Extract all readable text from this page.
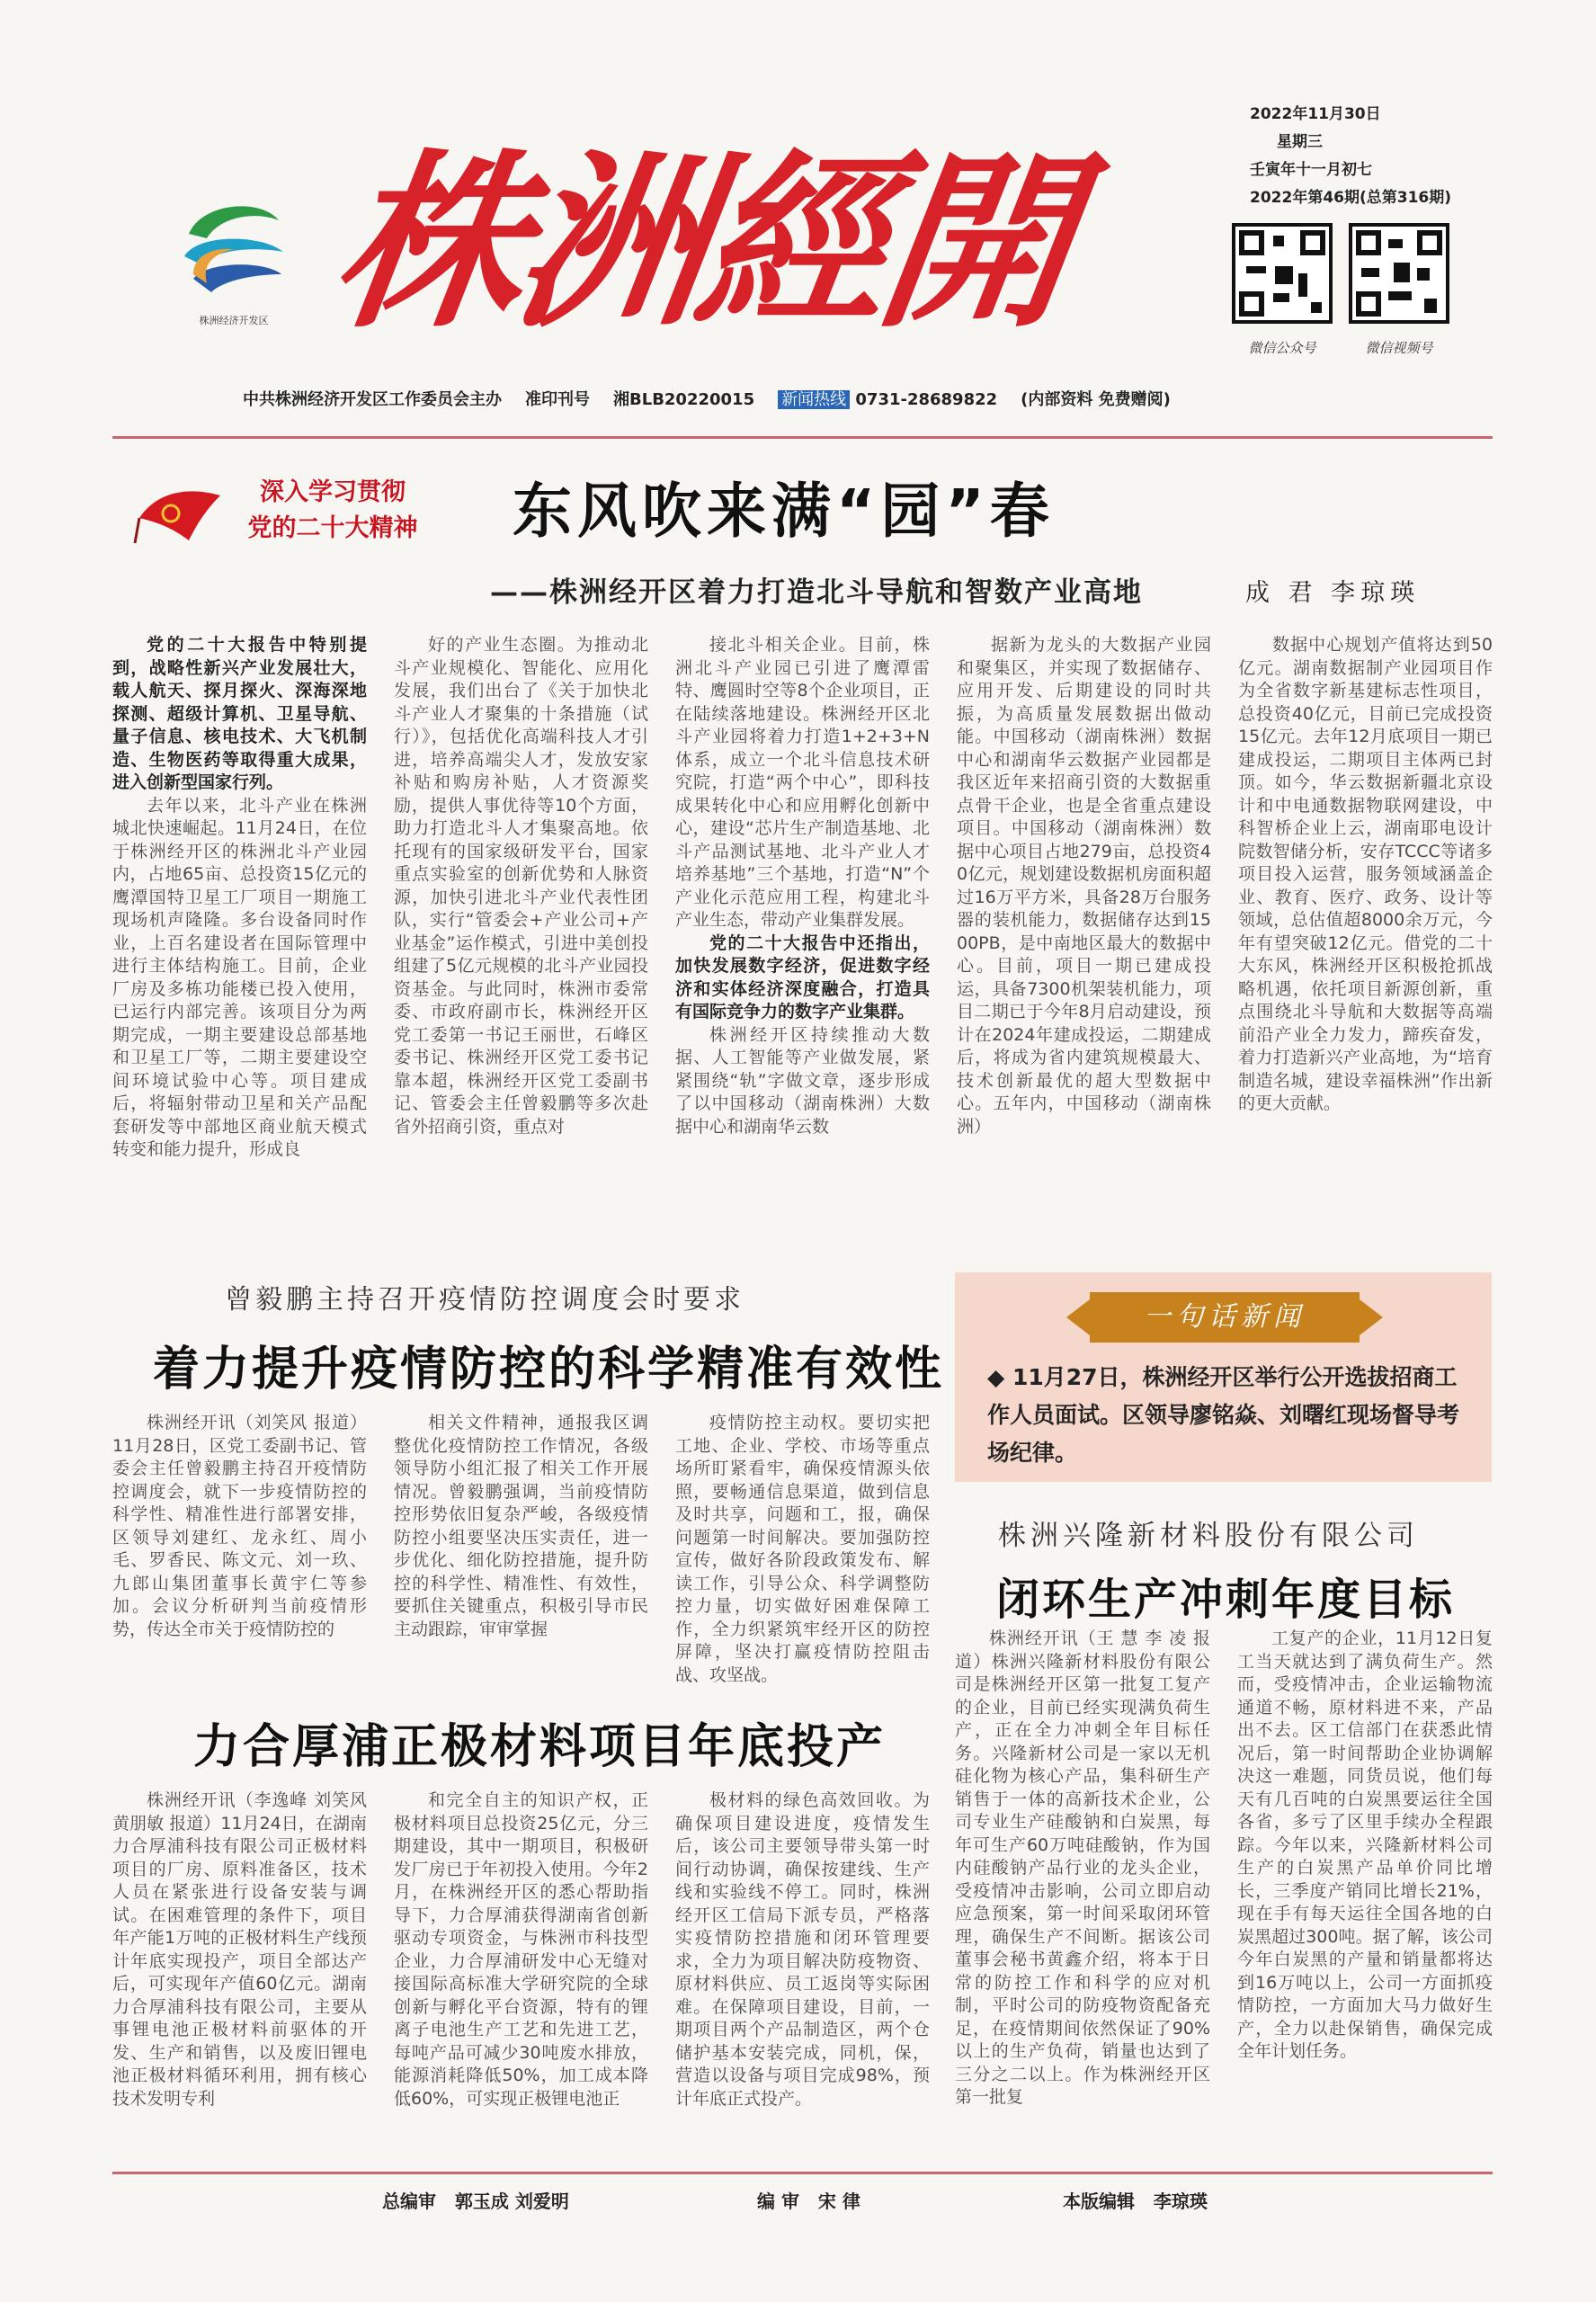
株洲经济开发区 株洲經開
2022年11月30日
星期三
壬寅年十一月初七
2022年第46期(总第316期)
微信公众号	微信视频号
中共株洲经济开发区工作委员会主办 准印刊号 湘BLB20220015 新闻热线 0731-28689822 (内部资料 免费赠阅)
深入学习贯彻
党的二十大精神	东风吹来满“园”春
——株洲经开区着力打造北斗导航和智数产业高地	成 君 李琼瑛

党的二十大报告中特别提到，战略性新兴产业发展壮大，载人航天、探月探火、深海深地探测、超级计算机、卫星导航、量子信息、核电技术、大飞机制造、生物医药等取得重大成果，进入创新型国家行列。

去年以来，北斗产业在株洲城北快速崛起。11月24日，在位于株洲经开区的株洲北斗产业园内，占地65亩、总投资15亿元的鹰潭国特卫星工厂项目一期施工现场机声隆隆。多台设备同时作业，上百名建设者在国际管理中进行主体结构施工。目前，企业厂房及多栋功能楼已投入使用，已运行内部完善。该项目分为两期完成，一期主要建设总部基地和卫星工厂等，二期主要建设空间环境试验中心等。项目建成后，将辐射带动卫星和关产品配套研发等中部地区商业航天模式转变和能力提升，形成良

好的产业生态圈。为推动北斗产业规模化、智能化、应用化发展，我们出台了《关于加快北斗产业人才聚集的十条措施（试行）》，包括优化高端科技人才引进，培养高端尖人才，发放安家补贴和购房补贴，人才资源奖励，提供人事优待等10个方面，助力打造北斗人才集聚高地。依托现有的国家级研发平台，国家重点实验室的创新优势和人脉资源，加快引进北斗产业代表性团队，实行“管委会+产业公司+产业基金”运作模式，引进中美创投组建了5亿元规模的北斗产业园投资基金。与此同时，株洲市委常委、市政府副市长，株洲经开区党工委第一书记王丽世，石峰区委书记、株洲经开区党工委书记靠本超，株洲经开区党工委副书记、管委会主任曾毅鹏等多次赴省外招商引资，重点对

接北斗相关企业。目前，株洲北斗产业园已引进了鹰潭雷特、鹰圆时空等8个企业项目，正在陆续落地建设。株洲经开区北斗产业园将着力打造1+2+3+N体系，成立一个北斗信息技术研究院，打造“两个中心”，即科技成果转化中心和应用孵化创新中心，建设“芯片生产制造基地、北斗产品测试基地、北斗产业人才培养基地”三个基地，打造“N”个产业化示范应用工程，构建北斗产业生态，带动产业集群发展。

党的二十大报告中还指出，加快发展数字经济，促进数字经济和实体经济深度融合，打造具有国际竞争力的数字产业集群。

株洲经开区持续推动大数据、人工智能等产业做发展，紧紧围绕“轨”字做文章，逐步形成了以中国移动（湖南株洲）大数据中心和湖南华云数

据新为龙头的大数据产业园和聚集区，并实现了数据储存、应用开发、后期建设的同时共振，为高质量发展数据出做动能。中国移动（湖南株洲）数据中心和湖南华云数据产业园都是我区近年来招商引资的大数据重点骨干企业，也是全省重点建设项目。中国移动（湖南株洲）数据中心项目占地279亩，总投资40亿元，规划建设数据机房面积超过16万平方米，具备28万台服务器的装机能力，数据储存达到1500PB，是中南地区最大的数据中心。目前，项目一期已建成投运，具备7300机架装机能力，项目二期已于今年8月启动建设，预计在2024年建成投运，二期建成后，将成为省内建筑规模最大、技术创新最优的超大型数据中心。五年内，中国移动（湖南株洲）

数据中心规划产值将达到50亿元。湖南数据制产业园项目作为全省数字新基建标志性项目，总投资40亿元，目前已完成投资15亿元。去年12月底项目一期已建成投运，二期项目主体两已封顶。如今，华云数据新疆北京设计和中电通数据物联网建设，中科智桥企业上云，湖南耶电设计院数智储分析，安存TCCC等诸多项目投入运营，服务领域涵盖企业、教育、医疗、政务、设计等领域，总估值超8000余万元，今年有望突破12亿元。借党的二十大东风，株洲经开区积极抢抓战略机遇，依托项目新源创新，重点围绕北斗导航和大数据等高端前沿产业全力发力，蹄疾奋发，着力打造新兴产业高地，为“培育制造名城，建设幸福株洲”作出新的更大贡献。

曾毅鹏主持召开疫情防控调度会时要求
着力提升疫情防控的科学精准有效性

株洲经开讯（刘笑风 报道）11月28日，区党工委副书记、管委会主任曾毅鹏主持召开疫情防控调度会，就下一步疫情防控的科学性、精准性进行部署安排，区领导刘建红、龙永红、周小毛、罗香民、陈文元、刘一玖、九郎山集团董事长黄宇仁等参加。会议分析研判当前疫情形势，传达全市关于疫情防控的

相关文件精神，通报我区调整优化疫情防控工作情况，各级领导防小组汇报了相关工作开展情况。曾毅鹏强调，当前疫情防控形势依旧复杂严峻，各级疫情防控小组要坚决压实责任，进一步优化、细化防控措施，提升防控的科学性、精准性、有效性，要抓住关键重点，积极引导市民主动跟踪，审审掌握

疫情防控主动权。要切实把工地、企业、学校、市场等重点场所盯紧看牢，确保疫情源头依照，要畅通信息渠道，做到信息及时共享，问题和工，报，确保问题第一时间解决。要加强防控宣传，做好各阶段政策发布、解读工作，引导公众、科学调整防控力量，切实做好困难保障工作，全力织紧筑牢经开区的防控屏障，坚决打赢疫情防控阻击战、攻坚战。

力合厚浦正极材料项目年底投产

株洲经开讯（李逸峰 刘笑风 黄朋敏 报道）11月24日，在湖南力合厚浦科技有限公司正极材料项目的厂房、原料准备区，技术人员在紧张进行设备安装与调试。在困难管理的条件下，项目年产能1万吨的正极材料生产线预计年底实现投产，项目全部达产后，可实现年产值60亿元。湖南力合厚浦科技有限公司，主要从事锂电池正极材料前驱体的开发、生产和销售，以及废旧锂电池正极材料循环利用，拥有核心技术发明专利

和完全自主的知识产权，正极材料项目总投资25亿元，分三期建设，其中一期项目，积极研发厂房已于年初投入使用。今年2月，在株洲经开区的悉心帮助指导下，力合厚浦获得湖南省创新驱动专项资金，与株洲市科技型企业，力合厚浦研发中心无缝对接国际高标准大学研究院的全球创新与孵化平台资源，特有的锂离子电池生产工艺和先进工艺，每吨产品可减少30吨废水排放，能源消耗降低50%，加工成本降低60%，可实现正极锂电池正

极材料的绿色高效回收。为确保项目建设进度，疫情发生后，该公司主要领导带头第一时间行动协调，确保按建线、生产线和实验线不停工。同时，株洲经开区工信局下派专员，严格落实疫情防控措施和闭环管理要求，全力为项目解决防疫物资、原材料供应、员工返岗等实际困难。在保障项目建设，目前，一期项目两个产品制造区，两个仓储护基本安装完成，同机，保，营造以设备与项目完成98%，预计年底正式投产。

一句话新闻
◆ 11月27日，株洲经开区举行公开选拔招商工作人员面试。区领导廖铭焱、刘曙红现场督导考场纪律。
株洲兴隆新材料股份有限公司
闭环生产冲刺年度目标

株洲经开讯（王 慧 李 凌 报道）株洲兴隆新材料股份有限公司是株洲经开区第一批复工复产的企业，目前已经实现满负荷生产，正在全力冲刺全年目标任务。兴隆新材公司是一家以无机硅化物为核心产品，集科研生产销售于一体的高新技术企业，公司专业生产硅酸钠和白炭黑，每年可生产60万吨硅酸钠，作为国内硅酸钠产品行业的龙头企业，受疫情冲击影响，公司立即启动应急预案，第一时间采取闭环管理，确保生产不间断。据该公司董事会秘书黄鑫介绍，将本于日常的防控工作和科学的应对机制，平时公司的防疫物资配备充足，在疫情期间依然保证了90%以上的生产负荷，销量也达到了三分之二以上。作为株洲经开区第一批复

工复产的企业，11月12日复工当天就达到了满负荷生产。然而，受疫情冲击，企业运输物流通道不畅，原材料进不来，产品出不去。区工信部门在获悉此情况后，第一时间帮助企业协调解决这一难题，同货员说，他们每天有几百吨的白炭黑要运往全国各省，多亏了区里手续办全程跟踪。今年以来，兴隆新材料公司生产的白炭黑产品单价同比增长，三季度产销同比增长21%，现在手有每天运往全国各地的白炭黑超过300吨。据了解，该公司今年白炭黑的产量和销量都将达到16万吨以上，公司一方面抓疫情防控，一方面加大马力做好生产，全力以赴保销售，确保完成全年计划任务。

总编审 郭玉成 刘爱明	编 审 宋 律	本版编辑 李琼瑛
